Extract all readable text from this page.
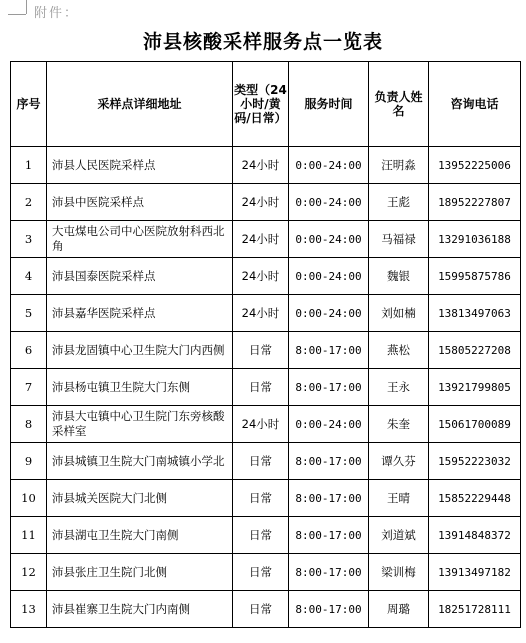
附件：
沛县核酸采样服务点一览表
序号	采样点详细地址	类型（24小时/黄码/日常）	服务时间	负责人姓名	咨询电话
1	沛县人民医院采样点	24小时	0:00-24:00	汪明淼	13952225006
2	沛县中医院采样点	24小时	0:00-24:00	王彪	18952227807
3	大屯煤电公司中心医院放射科西北角	24小时	0:00-24:00	马福禄	13291036188
4	沛县国泰医院采样点	24小时	0:00-24:00	魏银	15995875786
5	沛县嘉华医院采样点	24小时	0:00-24:00	刘如楠	13813497063
6	沛县龙固镇中心卫生院大门内西侧	日常	8:00-17:00	燕松	15805227208
7	沛县杨屯镇卫生院大门东侧	日常	8:00-17:00	王永	13921799805
8	沛县大屯镇中心卫生院门东旁核酸采样室	24小时	0:00-24:00	朱奎	15061700089
9	沛县城镇卫生院大门南城镇小学北	日常	8:00-17:00	谭久芬	15952223032
10	沛县城关医院大门北侧	日常	8:00-17:00	王晴	15852229448
11	沛县湖屯卫生院大门南侧	日常	8:00-17:00	刘道斌	13914848372
12	沛县张庄卫生院门北侧	日常	8:00-17:00	梁训梅	13913497182
13	沛县崔寨卫生院大门内南侧	日常	8:00-17:00	周璐	18251728111
